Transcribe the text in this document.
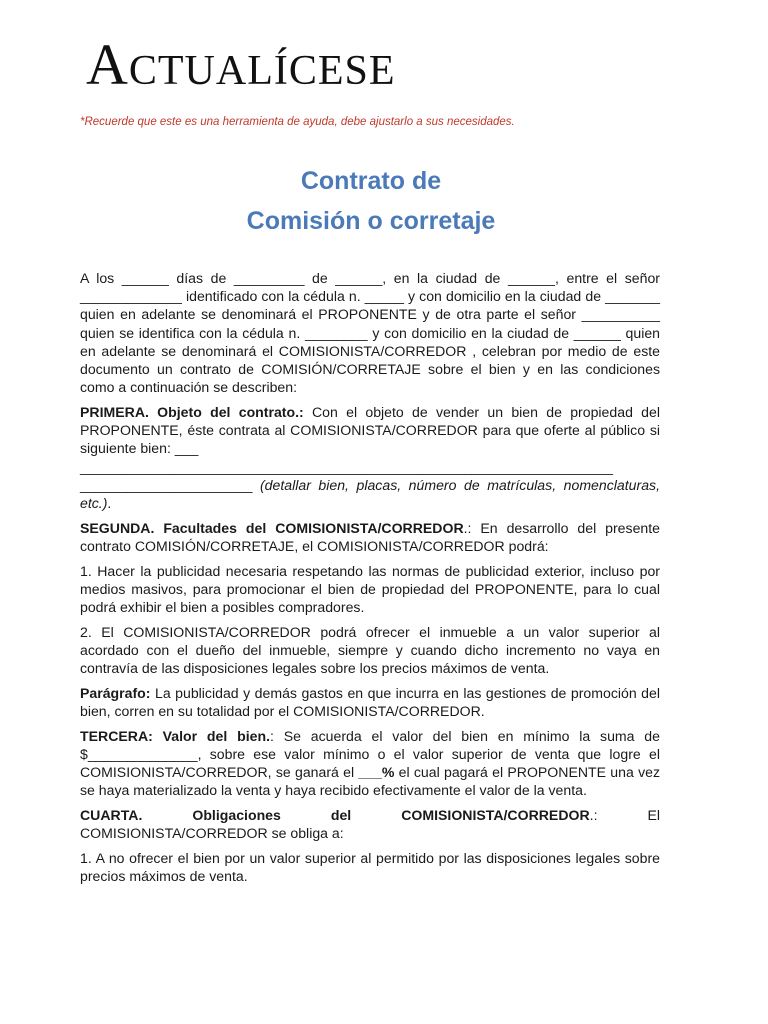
ACTUALÍCESE
*Recuerde que este es una herramienta de ayuda, debe ajustarlo a sus necesidades.
Contrato de
Comisión o corretaje

A los ______ días de _________ de ______, en la ciudad de ______, entre el señor _____________ identificado con la cédula n. _____ y con domicilio en la ciudad de _______ quien en adelante se denominará el PROPONENTE y de otra parte el señor __________ quien se identifica con la cédula n. ________ y con domicilio en la ciudad de ______ quien en adelante se denominará el COMISIONISTA/CORREDOR , celebran por medio de este documento un contrato de COMISIÓN/CORRETAJE sobre el bien y en las condiciones como a continuación se describen:

PRIMERA. Objeto del contrato.: Con el objeto de vender un bien de propiedad del PROPONENTE, éste contrata al COMISIONISTA/CORREDOR para que oferte al público si siguiente bien: ___
____________________________________________________________________
______________________ (detallar bien, placas, número de matrículas, nomenclaturas, etc.).

SEGUNDA. Facultades del COMISIONISTA/CORREDOR.: En desarrollo del presente contrato COMISIÓN/CORRETAJE, el COMISIONISTA/CORREDOR podrá:

1. Hacer la publicidad necesaria respetando las normas de publicidad exterior, incluso por medios masivos, para promocionar el bien de propiedad del PROPONENTE, para lo cual podrá exhibir el bien a posibles compradores.

2. El COMISIONISTA/CORREDOR podrá ofrecer el inmueble a un valor superior al acordado con el dueño del inmueble, siempre y cuando dicho incremento no vaya en contravía de las disposiciones legales sobre los precios máximos de venta.

Parágrafo: La publicidad y demás gastos en que incurra en las gestiones de promoción del bien, corren en su totalidad por el COMISIONISTA/CORREDOR.

TERCERA: Valor del bien.: Se acuerda el valor del bien en mínimo la suma de $______________, sobre ese valor mínimo o el valor superior de venta que logre el COMISIONISTA/CORREDOR, se ganará el ___% el cual pagará el PROPONENTE una vez se haya materializado la venta y haya recibido efectivamente el valor de la venta.

CUARTA. Obligaciones del COMISIONISTA/CORREDOR.: El COMISIONISTA/CORREDOR se obliga a:

1. A no ofrecer el bien por un valor superior al permitido por las disposiciones legales sobre precios máximos de venta.
